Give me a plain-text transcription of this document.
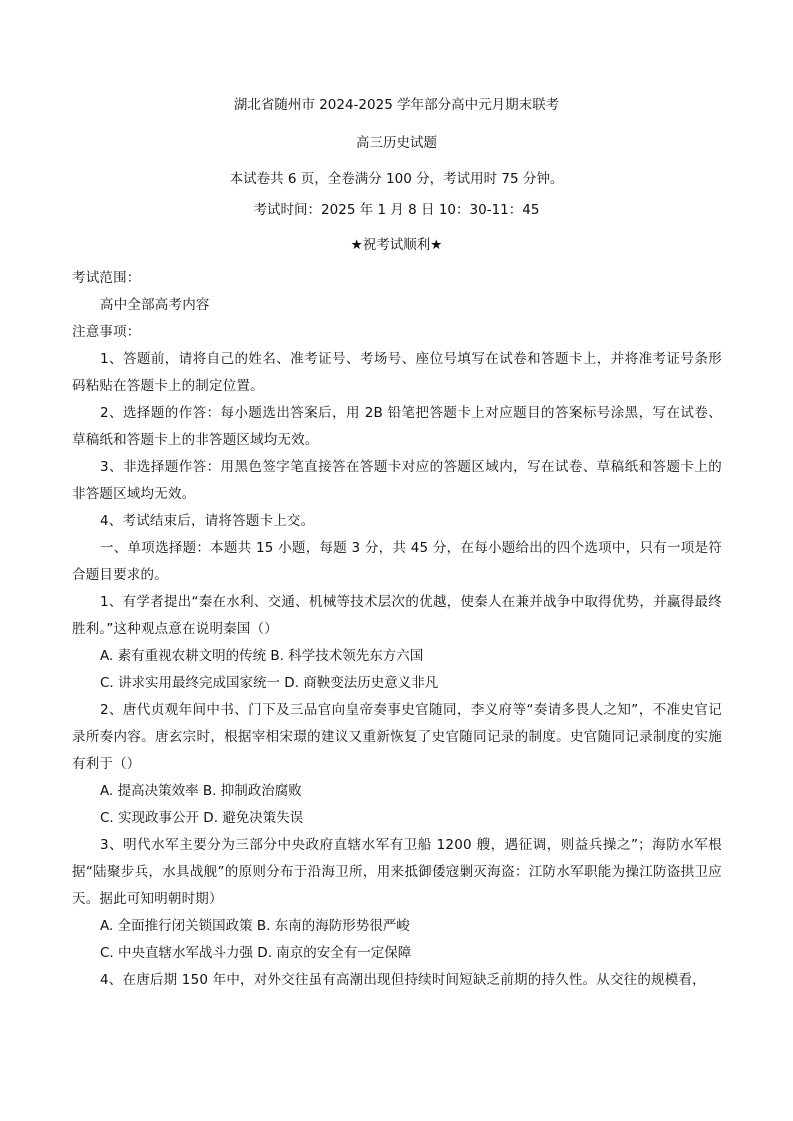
湖北省随州市 2024-2025 学年部分高中元月期末联考
高三历史试题
本试卷共 6 页，全卷满分 100 分，考试用时 75 分钟。
考试时间：2025 年 1 月 8 日 10：30-11：45
★祝考试顺利★

考试范围：

高中全部高考内容

注意事项：

1、答题前，请将自己的姓名、准考证号、考场号、座位号填写在试卷和答题卡上，并将准考证号条形码粘贴在答题卡上的制定位置。

2、选择题的作答：每小题选出答案后，用 2B 铅笔把答题卡上对应题目的答案标号涂黑，写在试卷、草稿纸和答题卡上的非答题区域均无效。

3、非选择题作答：用黑色签字笔直接答在答题卡对应的答题区域内，写在试卷、草稿纸和答题卡上的非答题区域均无效。

4、考试结束后，请将答题卡上交。

一、单项选择题：本题共 15 小题，每题 3 分，共 45 分，在每小题给出的四个选项中，只有一项是符合题目要求的。

1、有学者提出“秦在水利、交通、机械等技术层次的优越，使秦人在兼并战争中取得优势，并赢得最终胜利。”这种观点意在说明秦国（）

A. 素有重视农耕文明的传统 B. 科学技术领先东方六国

C. 讲求实用最终完成国家统一 D. 商鞅变法历史意义非凡

2、唐代贞观年间中书、门下及三品官向皇帝奏事史官随同，李义府等“奏请多畏人之知”，不准史官记录所奏内容。唐玄宗时，根据宰相宋璟的建议又重新恢复了史官随同记录的制度。史官随同记录制度的实施有利于（）

A. 提高决策效率 B. 抑制政治腐败

C. 实现政事公开 D. 避免决策失误

3、明代水军主要分为三部分中央政府直辖水军有卫船 1200 艘，遇征调，则益兵操之”；海防水军根据“陆聚步兵，水具战舰”的原则分布于沿海卫所，用来抵御倭寇剿灭海盗：江防水军职能为操江防盗拱卫应天。据此可知明朝时期）

A. 全面推行闭关锁国政策 B. 东南的海防形势很严峻

C. 中央直辖水军战斗力强 D. 南京的安全有一定保障

4、在唐后期 150 年中，对外交往虽有高潮出现但持续时间短缺乏前期的持久性。从交往的规模看，
